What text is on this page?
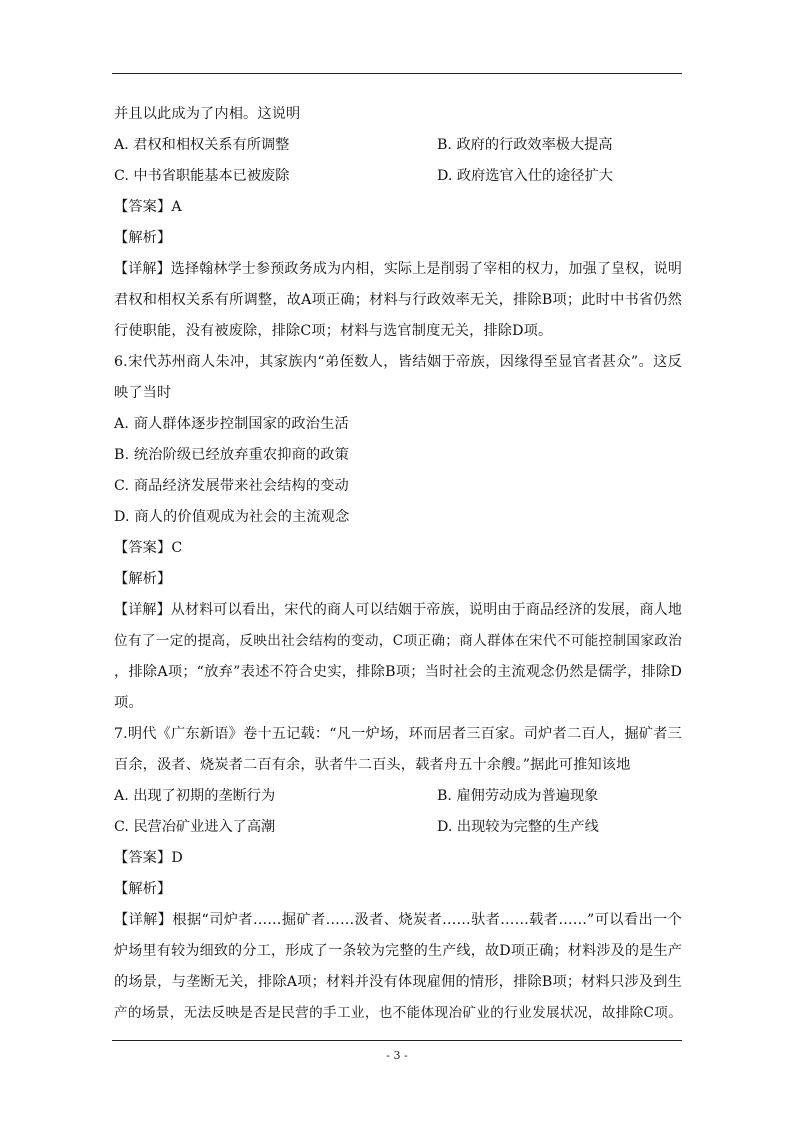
并且以此成为了内相。这说明
A. 君权和相权关系有所调整	B. 政府的行政效率极大提高
C. 中书省职能基本已被废除	D. 政府选官入仕的途径扩大
【答案】A
【解析】
【详解】选择翰林学士参预政务成为内相，实际上是削弱了宰相的权力，加强了皇权，说明
君权和相权关系有所调整，故A项正确；材料与行政效率无关，排除B项；此时中书省仍然
行使职能，没有被废除，排除C项；材料与选官制度无关，排除D项。
6.宋代苏州商人朱冲，其家族内“弟侄数人，皆结姻于帝族，因缘得至显官者甚众”。这反
映了当时
A. 商人群体逐步控制国家的政治生活
B. 统治阶级已经放弃重农抑商的政策
C. 商品经济发展带来社会结构的变动
D. 商人的价值观成为社会的主流观念
【答案】C
【解析】
【详解】从材料可以看出，宋代的商人可以结姻于帝族，说明由于商品经济的发展，商人地
位有了一定的提高，反映出社会结构的变动，C项正确；商人群体在宋代不可能控制国家政治
，排除A项；“放弃”表述不符合史实，排除B项；当时社会的主流观念仍然是儒学，排除D
项。
7.明代《广东新语》卷十五记载：“凡一炉场，环而居者三百家。司炉者二百人，掘矿者三
百余，汲者、烧炭者二百有余，驮者牛二百头，载者舟五十余艘。”据此可推知该地
A. 出现了初期的垄断行为	B. 雇佣劳动成为普遍现象
C. 民营冶矿业进入了高潮	D. 出现较为完整的生产线
【答案】D
【解析】
【详解】根据“司炉者……掘矿者……汲者、烧炭者……驮者……载者……”可以看出一个
炉场里有较为细致的分工，形成了一条较为完整的生产线，故D项正确；材料涉及的是生产
的场景，与垄断无关，排除A项；材料并没有体现雇佣的情形，排除B项；材料只涉及到生
产的场景，无法反映是否是民营的手工业，也不能体现冶矿业的行业发展状况，故排除C项。
- 3 -
